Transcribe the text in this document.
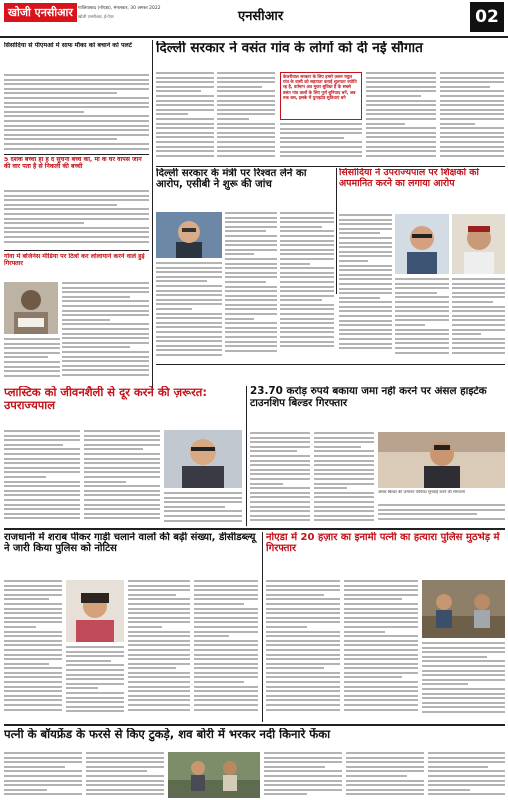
खोजी एनसीआर	गाजियाबाद (नोएडा), मंगलवार, 30 अगस्त 2022
खोजी एनसीआर, ई-पेपर	एनसीआर	02
सिसोदिया से पीएमओ में साफ मौका को बचाने को पलटें
5 दर्शक बच्ची हो हैं दे सुचना बच्चे को, माँ के घर वापस जाने की वार पता है से निकली की बच्ची
गोवा में बजिनेस मीडिया पर ठित्रों कर लोलायाने करने वाले हुई गिरफ्तार
दिल्ली सरकार ने वसंत गांव के लोगों को दी नई सौगात
केजरीवाल सरकार के लिए हमारे ज़रूर फ्युल गांव के वासी को सहायता कराई शूलपता ज्योति रह है, वर्तमान अव मुफ़्त सुविधा है के सबसे वसंत गांव वालों के लिए पूर्ण बुनियाद बनें, अब रुक बस, इसके में युनाइटेड सुविधाएं बने
दिल्ली सरकार के मंत्री पर रिश्वत लेने का आरोप, एसीबी ने शुरू की जांच
सिसोदिया ने उपराज्यपाल पर शिक्षकों को अपमानित करने का लगाया आरोप
प्लास्टिक को जीवनशैली से दूर करने की ज़रूरत: उपराज्यपाल
23.70 करोड़ रुपये बकाया जमा नहीं करने पर अंसल हाइटेक टाउनशिप बिल्डर गिरफ्तार
अंसल बिल्डर की ज़मानत याचिका सुनवाई करने की संभावना
राजधानी में शराब पीकर गाड़ी चलाने वालों की बढ़ी संख्या, डीसीडब्ल्यू ने जारी किया पुलिस को नोटिस
नोएडा में 20 हज़ार का इनामी पत्नी का हत्यारा पुलिस मुठभेड़ में गिरफ्तार
पत्नी के बॉयफ्रेंड के फरसे से किए टुकड़े, शव बोरी में भरकर नदी किनारे फेंका
